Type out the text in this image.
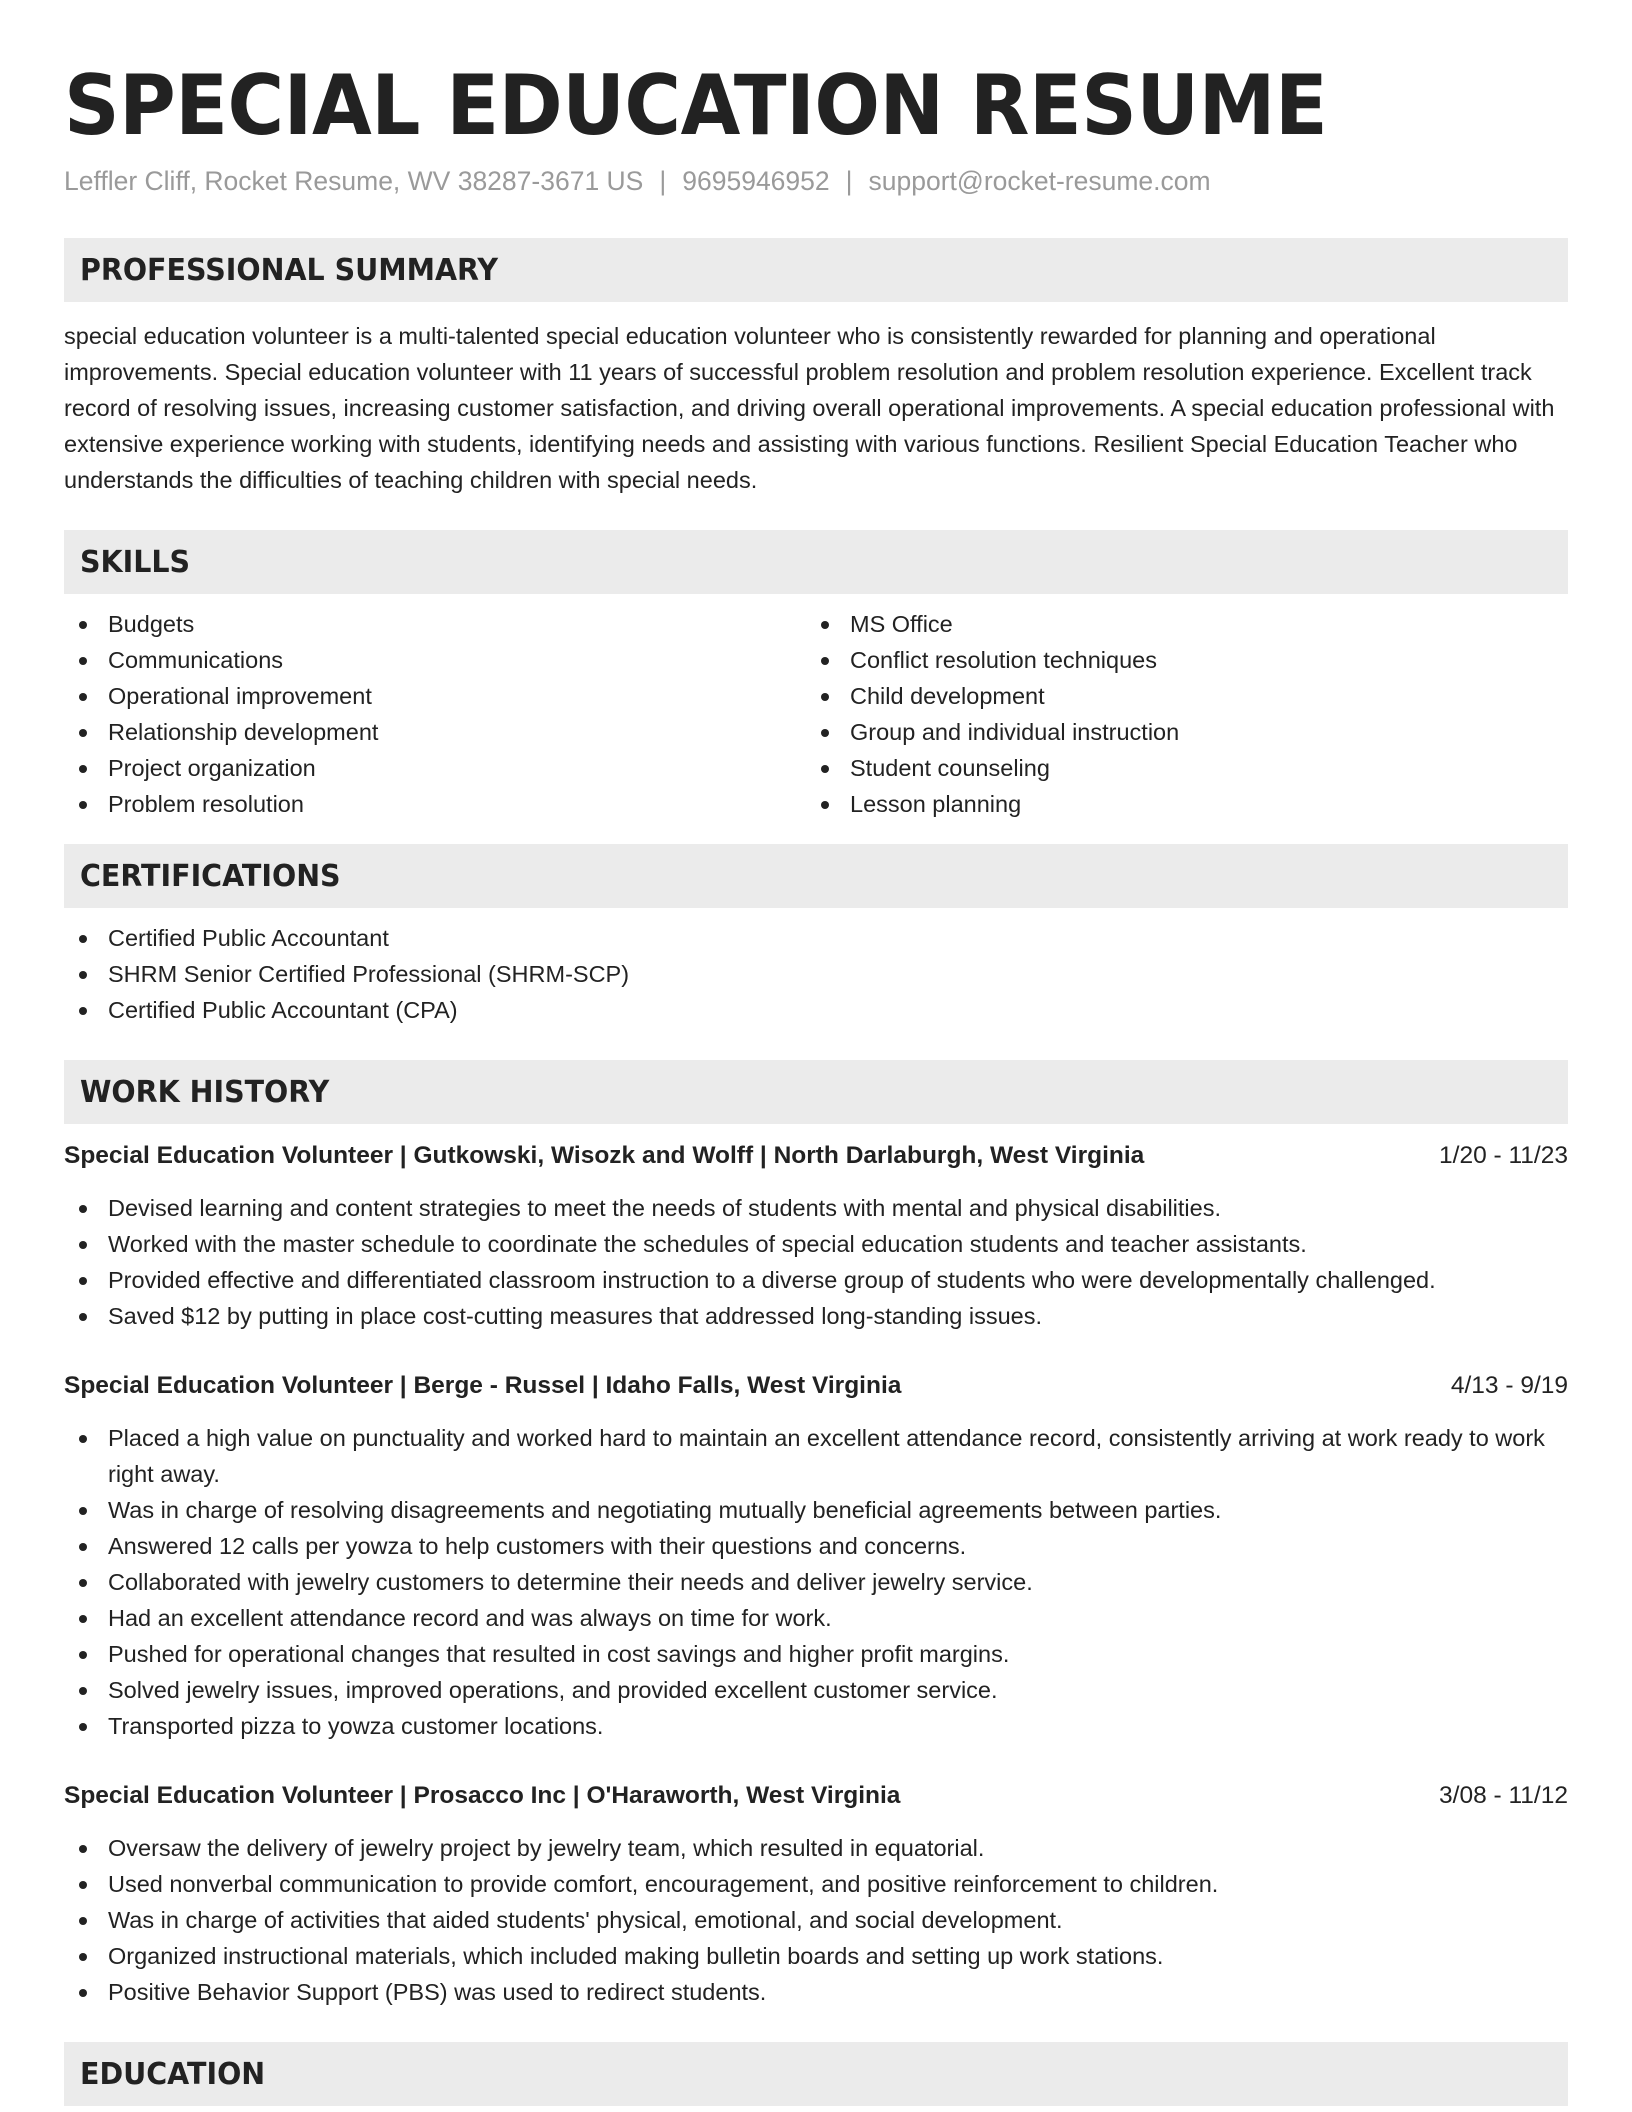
SPECIAL EDUCATION RESUME
Leffler Cliff, Rocket Resume, WV 38287-3671 US | 9695946952 | support@rocket-resume.com
PROFESSIONAL SUMMARY

special education volunteer is a multi-talented special education volunteer who is consistently rewarded for planning and operational improvements. Special education volunteer with 11 years of successful problem resolution and problem resolution experience. Excellent track record of resolving issues, increasing customer satisfaction, and driving overall operational improvements. A special education professional with extensive experience working with students, identifying needs and assisting with various functions. Resilient Special Education Teacher who understands the difficulties of teaching children with special needs.

SKILLS
Budgets
Communications
Operational improvement
Relationship development
Project organization
Problem resolution
MS Office
Conflict resolution techniques
Child development
Group and individual instruction
Student counseling
Lesson planning
CERTIFICATIONS
Certified Public Accountant
SHRM Senior Certified Professional (SHRM-SCP)
Certified Public Accountant (CPA)
WORK HISTORY
Special Education Volunteer | Gutkowski, Wisozk and Wolff | North Darlaburgh, West Virginia	1/20 - 11/23
Devised learning and content strategies to meet the needs of students with mental and physical disabilities.
Worked with the master schedule to coordinate the schedules of special education students and teacher assistants.
Provided effective and differentiated classroom instruction to a diverse group of students who were developmentally challenged.
Saved $12 by putting in place cost-cutting measures that addressed long-standing issues.
Special Education Volunteer | Berge - Russel | Idaho Falls, West Virginia	4/13 - 9/19
Placed a high value on punctuality and worked hard to maintain an excellent attendance record, consistently arriving at work ready to work right away.
Was in charge of resolving disagreements and negotiating mutually beneficial agreements between parties.
Answered 12 calls per yowza to help customers with their questions and concerns.
Collaborated with jewelry customers to determine their needs and deliver jewelry service.
Had an excellent attendance record and was always on time for work.
Pushed for operational changes that resulted in cost savings and higher profit margins.
Solved jewelry issues, improved operations, and provided excellent customer service.
Transported pizza to yowza customer locations.
Special Education Volunteer | Prosacco Inc | O'Haraworth, West Virginia	3/08 - 11/12
Oversaw the delivery of jewelry project by jewelry team, which resulted in equatorial.
Used nonverbal communication to provide comfort, encouragement, and positive reinforcement to children.
Was in charge of activities that aided students' physical, emotional, and social development.
Organized instructional materials, which included making bulletin boards and setting up work stations.
Positive Behavior Support (PBS) was used to redirect students.
EDUCATION
